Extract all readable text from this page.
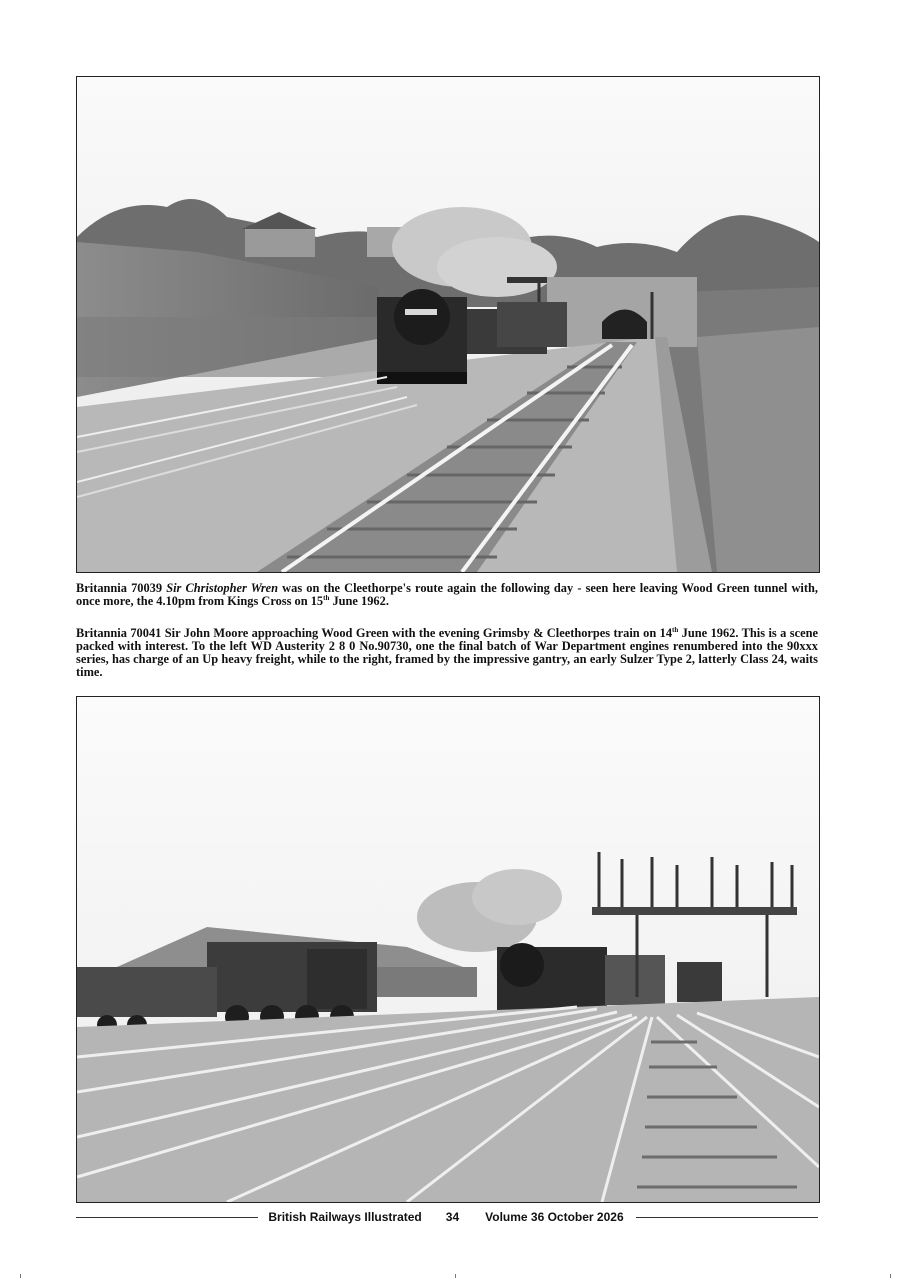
Britannia 70039 Sir Christopher Wren was on the Cleethorpe's route again the following day - seen here leaving Wood Green tunnel with, once more, the 4.10pm from Kings Cross on 15th June 1962.

Britannia 70041 Sir John Moore approaching Wood Green with the evening Grimsby & Cleethorpes train on 14th June 1962. This is a scene packed with interest. To the left WD Austerity 2 8 0 No.90730, one the final batch of War Department engines renumbered into the 90xxx series, has charge of an Up heavy freight, while to the right, framed by the impressive gantry, an early Sulzer Type 2, latterly Class 24, waits time.

British Railways Illustrated 34 Volume 36 October 2026
